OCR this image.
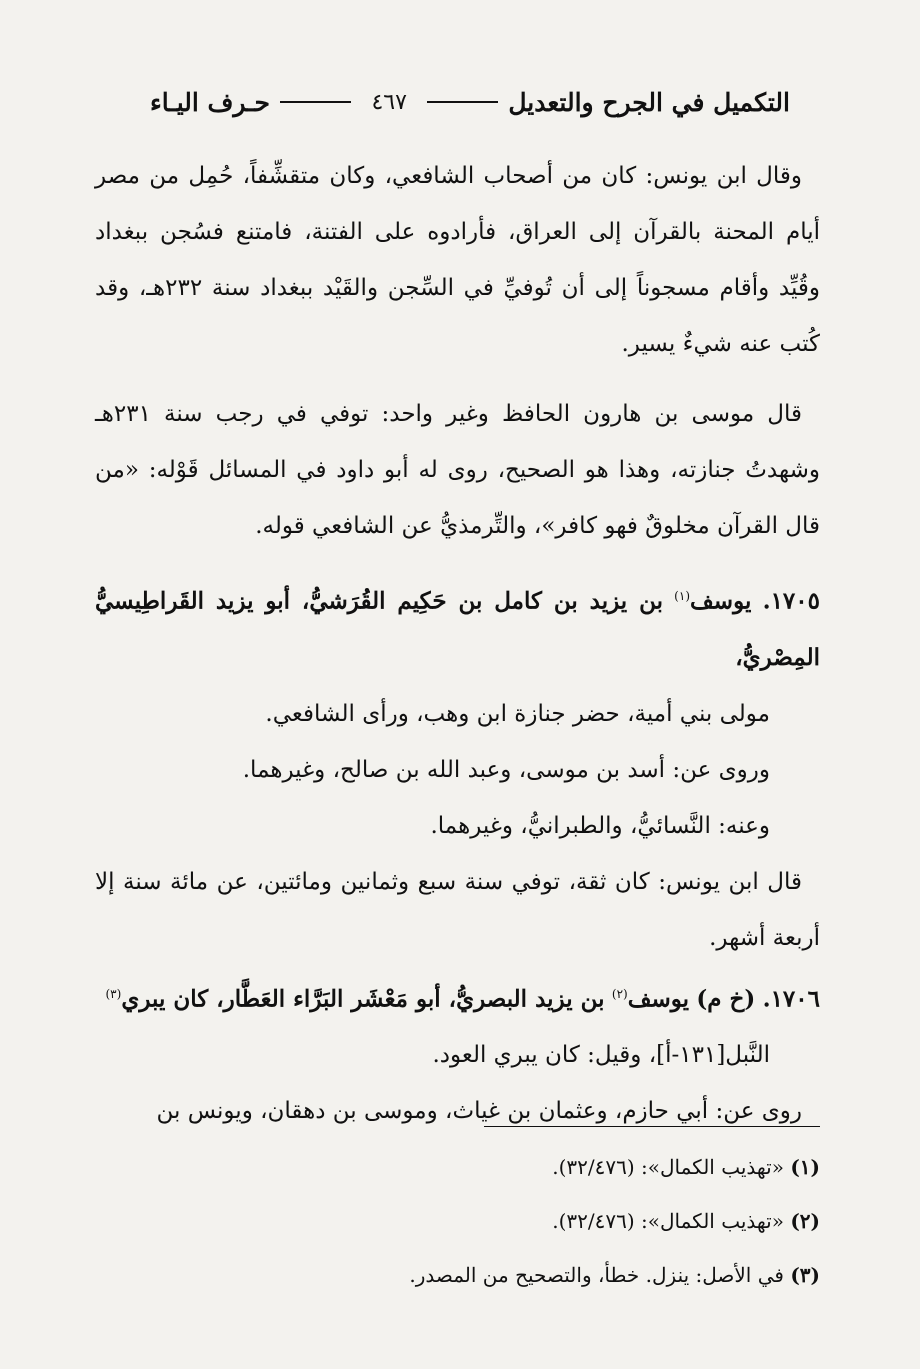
التكميل في الجرح والتعديل
٤٦٧
حـرف اليـاء

وقال ابن يونس: كان من أصحاب الشافعي، وكان متقشِّفاً، حُمِل من مصر أيام المحنة بالقرآن إلى العراق، فأرادوه على الفتنة، فامتنع فسُجن ببغداد وقُيِّد وأقام مسجوناً إلى أن تُوفيِّ في السِّجن والقَيْد ببغداد سنة ٢٣٢هـ، وقد كُتب عنه شيءٌ يسير.

قال موسى بن هارون الحافظ وغير واحد: توفي في رجب سنة ٢٣١هـ وشهدتُ جنازته، وهذا هو الصحيح، روى له أبو داود في المسائل قَوْله: «من قال القرآن مخلوقٌ فهو كافر»، والتِّرمذيُّ عن الشافعي قوله.

١٧٠٥. يوسف$^{(١)}$ بن يزيد بن كامل بن حَكِيم القُرَشيُّ، أبو يزيد القَراطِيسيُّ المِصْريُّ،

مولى بني أمية، حضر جنازة ابن وهب، ورأى الشافعي.

وروى عن: أسد بن موسى، وعبد الله بن صالح، وغيرهما.

وعنه: النَّسائيُّ، والطبرانيُّ، وغيرهما.

قال ابن يونس: كان ثقة، توفي سنة سبع وثمانين ومائتين، عن مائة سنة إلا أربعة أشهر.

١٧٠٦. (خ م) يوسف$^{(٢)}$ بن يزيد البصريُّ، أبو مَعْشَر البَرَّاء العَطَّار، كان يبري$^{(٣)}$

النَّبل[١٣١-أ]، وقيل: كان يبري العود.

روى عن: أبي حازم، وعثمان بن غياث، وموسى بن دهقان، ويونس بن

(١) «تهذيب الكمال»: (٣٢/٤٧٦).

(٢) «تهذيب الكمال»: (٣٢/٤٧٦).

(٣) في الأصل: ينزل. خطأ، والتصحيح من المصدر.
